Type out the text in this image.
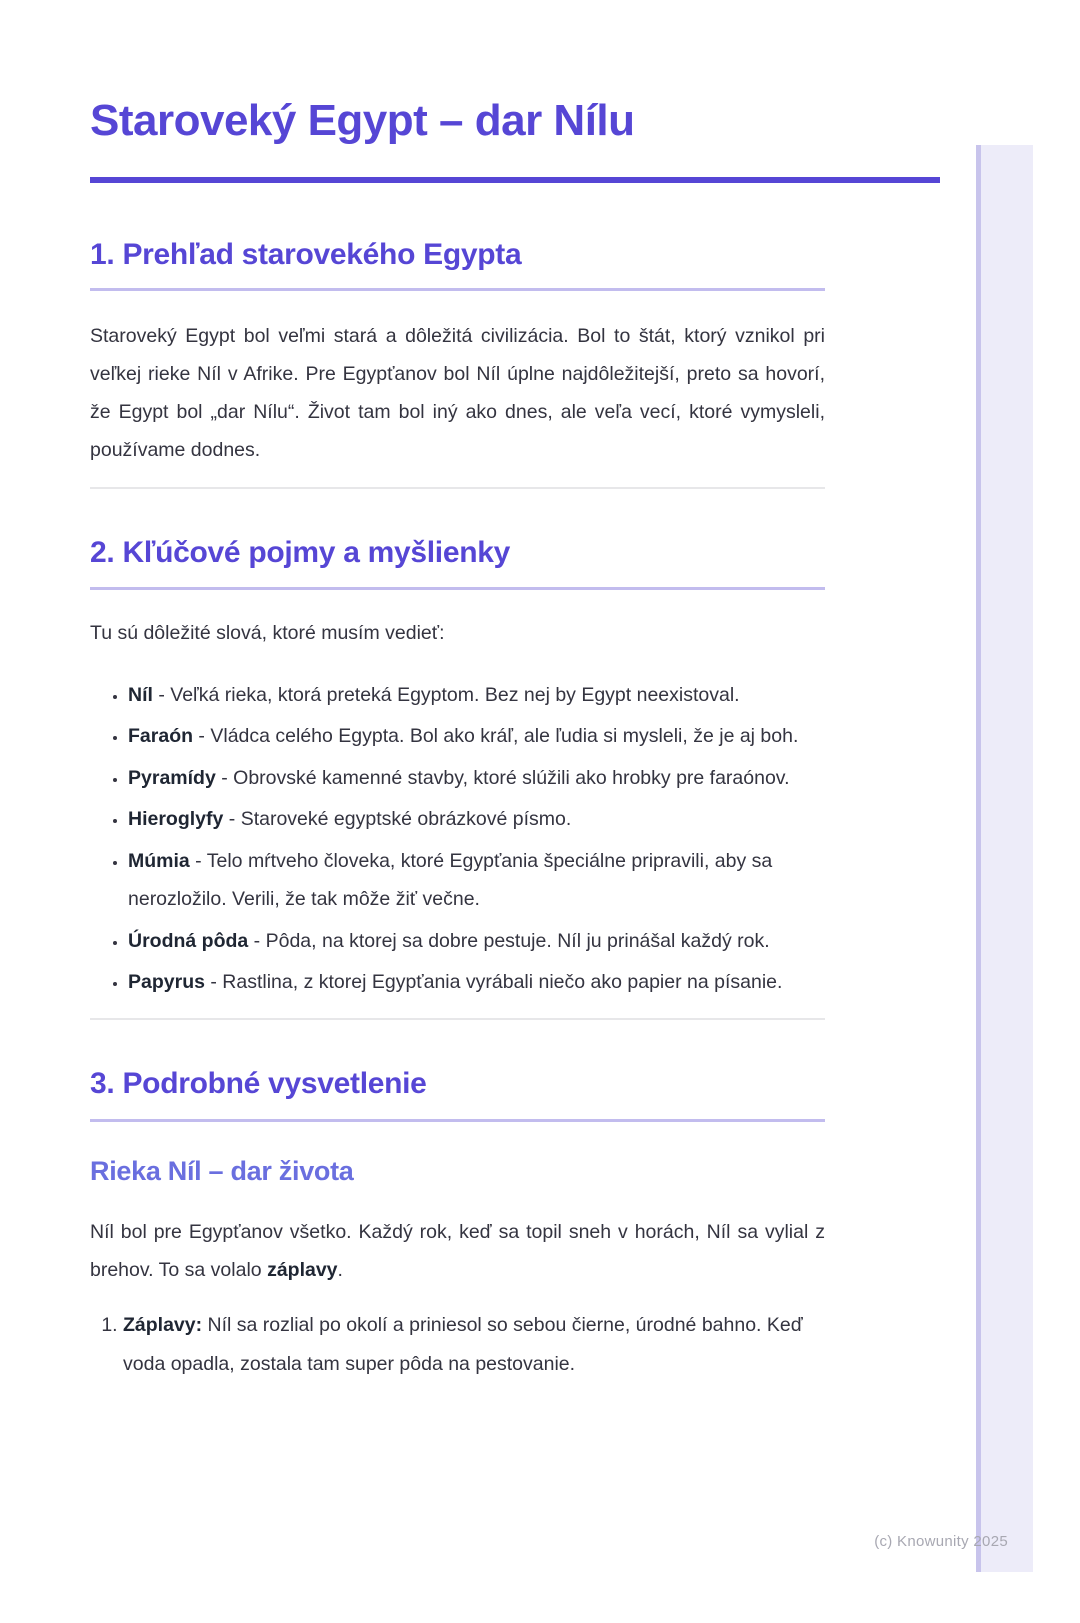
(c) Knowunity 2025
Staroveký Egypt – dar Nílu
1. Prehľad starovekého Egypta

Staroveký Egypt bol veľmi stará a dôležitá civilizácia. Bol to štát, ktorý vznikol pri veľkej rieke Níl v Afrike. Pre Egypťanov bol Níl úplne najdôležitejší, preto sa hovorí, že Egypt bol „dar Nílu“. Život tam bol iný ako dnes, ale veľa vecí, ktoré vymysleli, používame dodnes.

2. Kľúčové pojmy a myšlienky

Tu sú dôležité slová, ktoré musím vedieť:

• Níl - Veľká rieka, ktorá preteká Egyptom. Bez nej by Egypt neexistoval.
• Faraón - Vládca celého Egypta. Bol ako kráľ, ale ľudia si mysleli, že je aj boh.
• Pyramídy - Obrovské kamenné stavby, ktoré slúžili ako hrobky pre faraónov.
• Hieroglyfy - Staroveké egyptské obrázkové písmo.
• Múmia - Telo mŕtveho človeka, ktoré Egypťania špeciálne pripravili, aby sa nerozložilo. Verili, že tak môže žiť večne.
• Úrodná pôda - Pôda, na ktorej sa dobre pestuje. Níl ju prinášal každý rok.
• Papyrus - Rastlina, z ktorej Egypťania vyrábali niečo ako papier na písanie.
3. Podrobné vysvetlenie
Rieka Níl – dar života

Níl bol pre Egypťanov všetko. Každý rok, keď sa topil sneh v horách, Níl sa vylial z brehov. To sa volalo záplavy.

1. Záplavy: Níl sa rozlial po okolí a priniesol so sebou čierne, úrodné bahno. Keď voda opadla, zostala tam super pôda na pestovanie.
